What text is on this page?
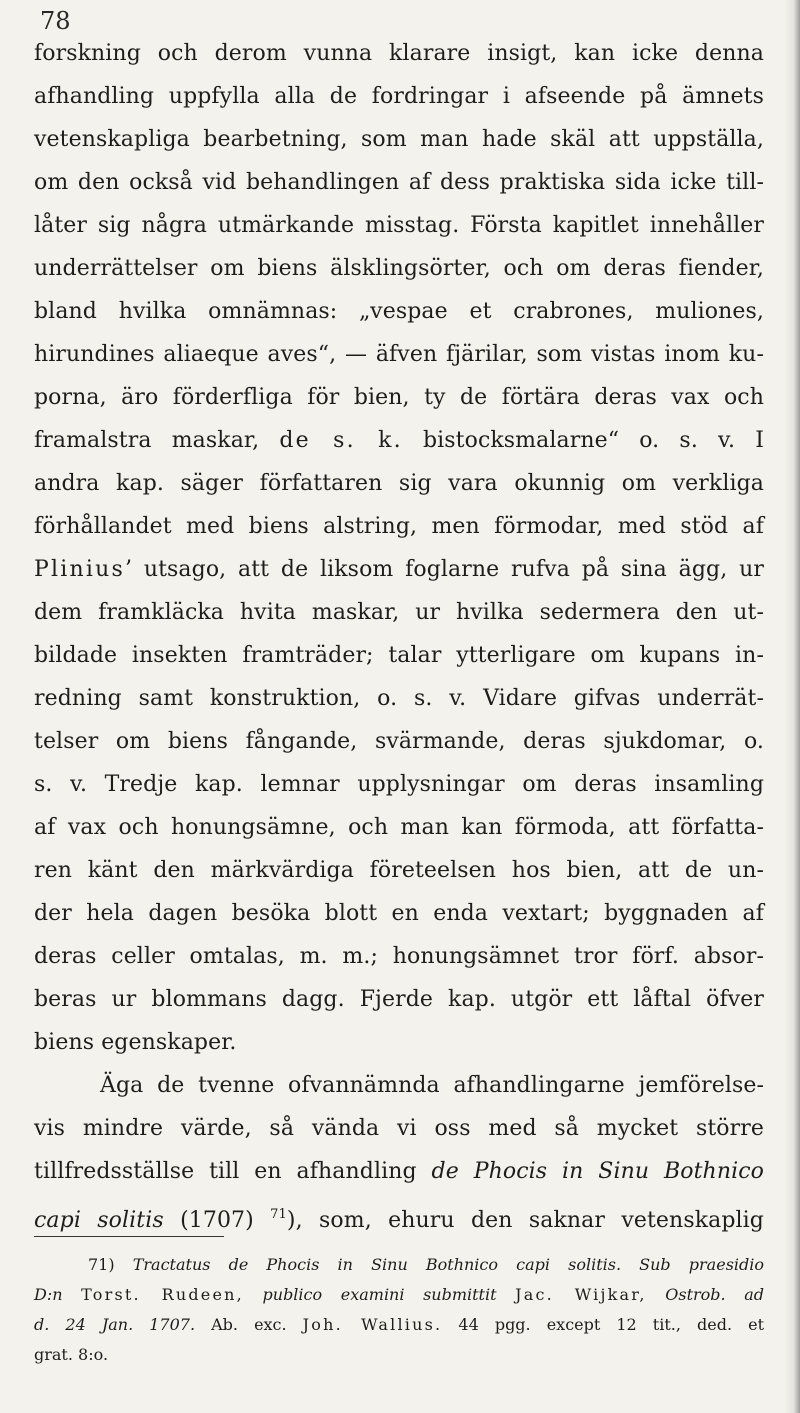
78
forskning och derom vunna klarare insigt, kan icke denna
afhandling uppfylla alla de fordringar i afseende på ämnets
vetenskapliga bearbetning, som man hade skäl att uppställa,
om den också vid behandlingen af dess praktiska sida icke till-
låter sig några utmärkande misstag. Första kapitlet innehåller
underrättelser om biens älsklingsörter, och om deras fiender,
bland hvilka omnämnas: „vespae et crabrones, muliones,
hirundines aliaeque aves“, — äfven fjärilar, som vistas inom ku-
porna, äro förderfliga för bien, ty de förtära deras vax och
framalstra maskar, de s. k. bistocksmalarne“ o. s. v. I
andra kap. säger författaren sig vara okunnig om verkliga
förhållandet med biens alstring, men förmodar, med stöd af
Plinius’ utsago, att de liksom foglarne rufva på sina ägg, ur
dem framkläcka hvita maskar, ur hvilka sedermera den ut-
bildade insekten framträder; talar ytterligare om kupans in-
redning samt konstruktion, o. s. v. Vidare gifvas underrät-
telser om biens fångande, svärmande, deras sjukdomar, o.
s. v. Tredje kap. lemnar upplysningar om deras insamling
af vax och honungsämne, och man kan förmoda, att författa-
ren känt den märkvärdiga företeelsen hos bien, att de un-
der hela dagen besöka blott en enda vextart; byggnaden af
deras celler omtalas, m. m.; honungsämnet tror förf. absor-
beras ur blommans dagg. Fjerde kap. utgör ett låftal öfver
biens egenskaper.
Äga de tvenne ofvannämnda afhandlingarne jemförelse-
vis mindre värde, så vända vi oss med så mycket större
tillfredsställse till en afhandling de Phocis in Sinu Bothnico
capi solitis (1707) $^{71}$), som, ehuru den saknar vetenskaplig
71) Tractatus de Phocis in Sinu Bothnico capi solitis. Sub praesidio
D:n Torst. Rudeen, publico examini submittit Jac. Wijkar, Ostrob. ad
d. 24 Jan. 1707. Ab. exc. Joh. Wallius. 44 pgg. except 12 tit., ded. et
grat. 8:o.
